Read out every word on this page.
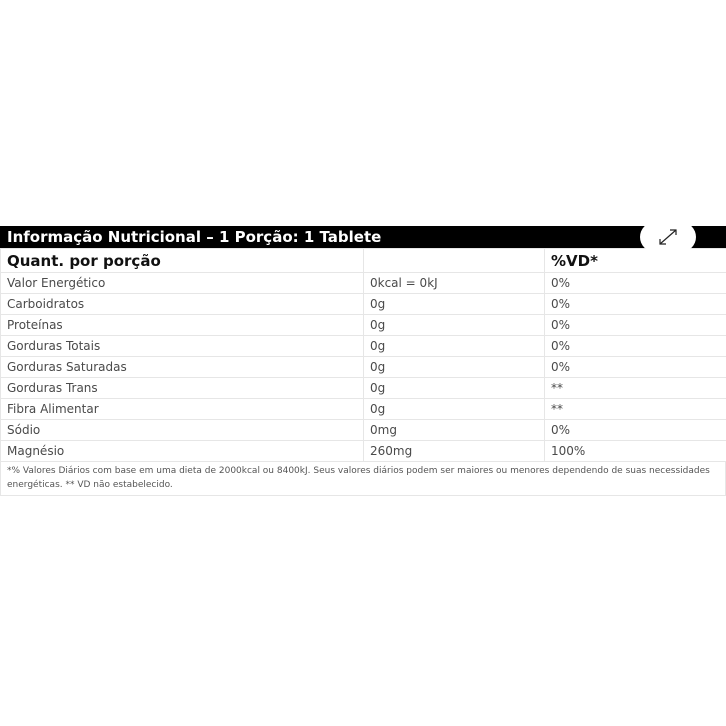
Informação Nutricional – 1 Porção: 1 Tablete
Quant. por porção		%VD*
Valor Energético	0kcal = 0kJ	0%
Carboidratos	0g	0%
Proteínas	0g	0%
Gorduras Totais	0g	0%
Gorduras Saturadas	0g	0%
Gorduras Trans	0g	**
Fibra Alimentar	0g	**
Sódio	0mg	0%
Magnésio	260mg	100%
*% Valores Diários com base em uma dieta de 2000kcal ou 8400kJ. Seus valores diários podem ser maiores ou menores dependendo de suas necessidades energéticas. ** VD não estabelecido.
